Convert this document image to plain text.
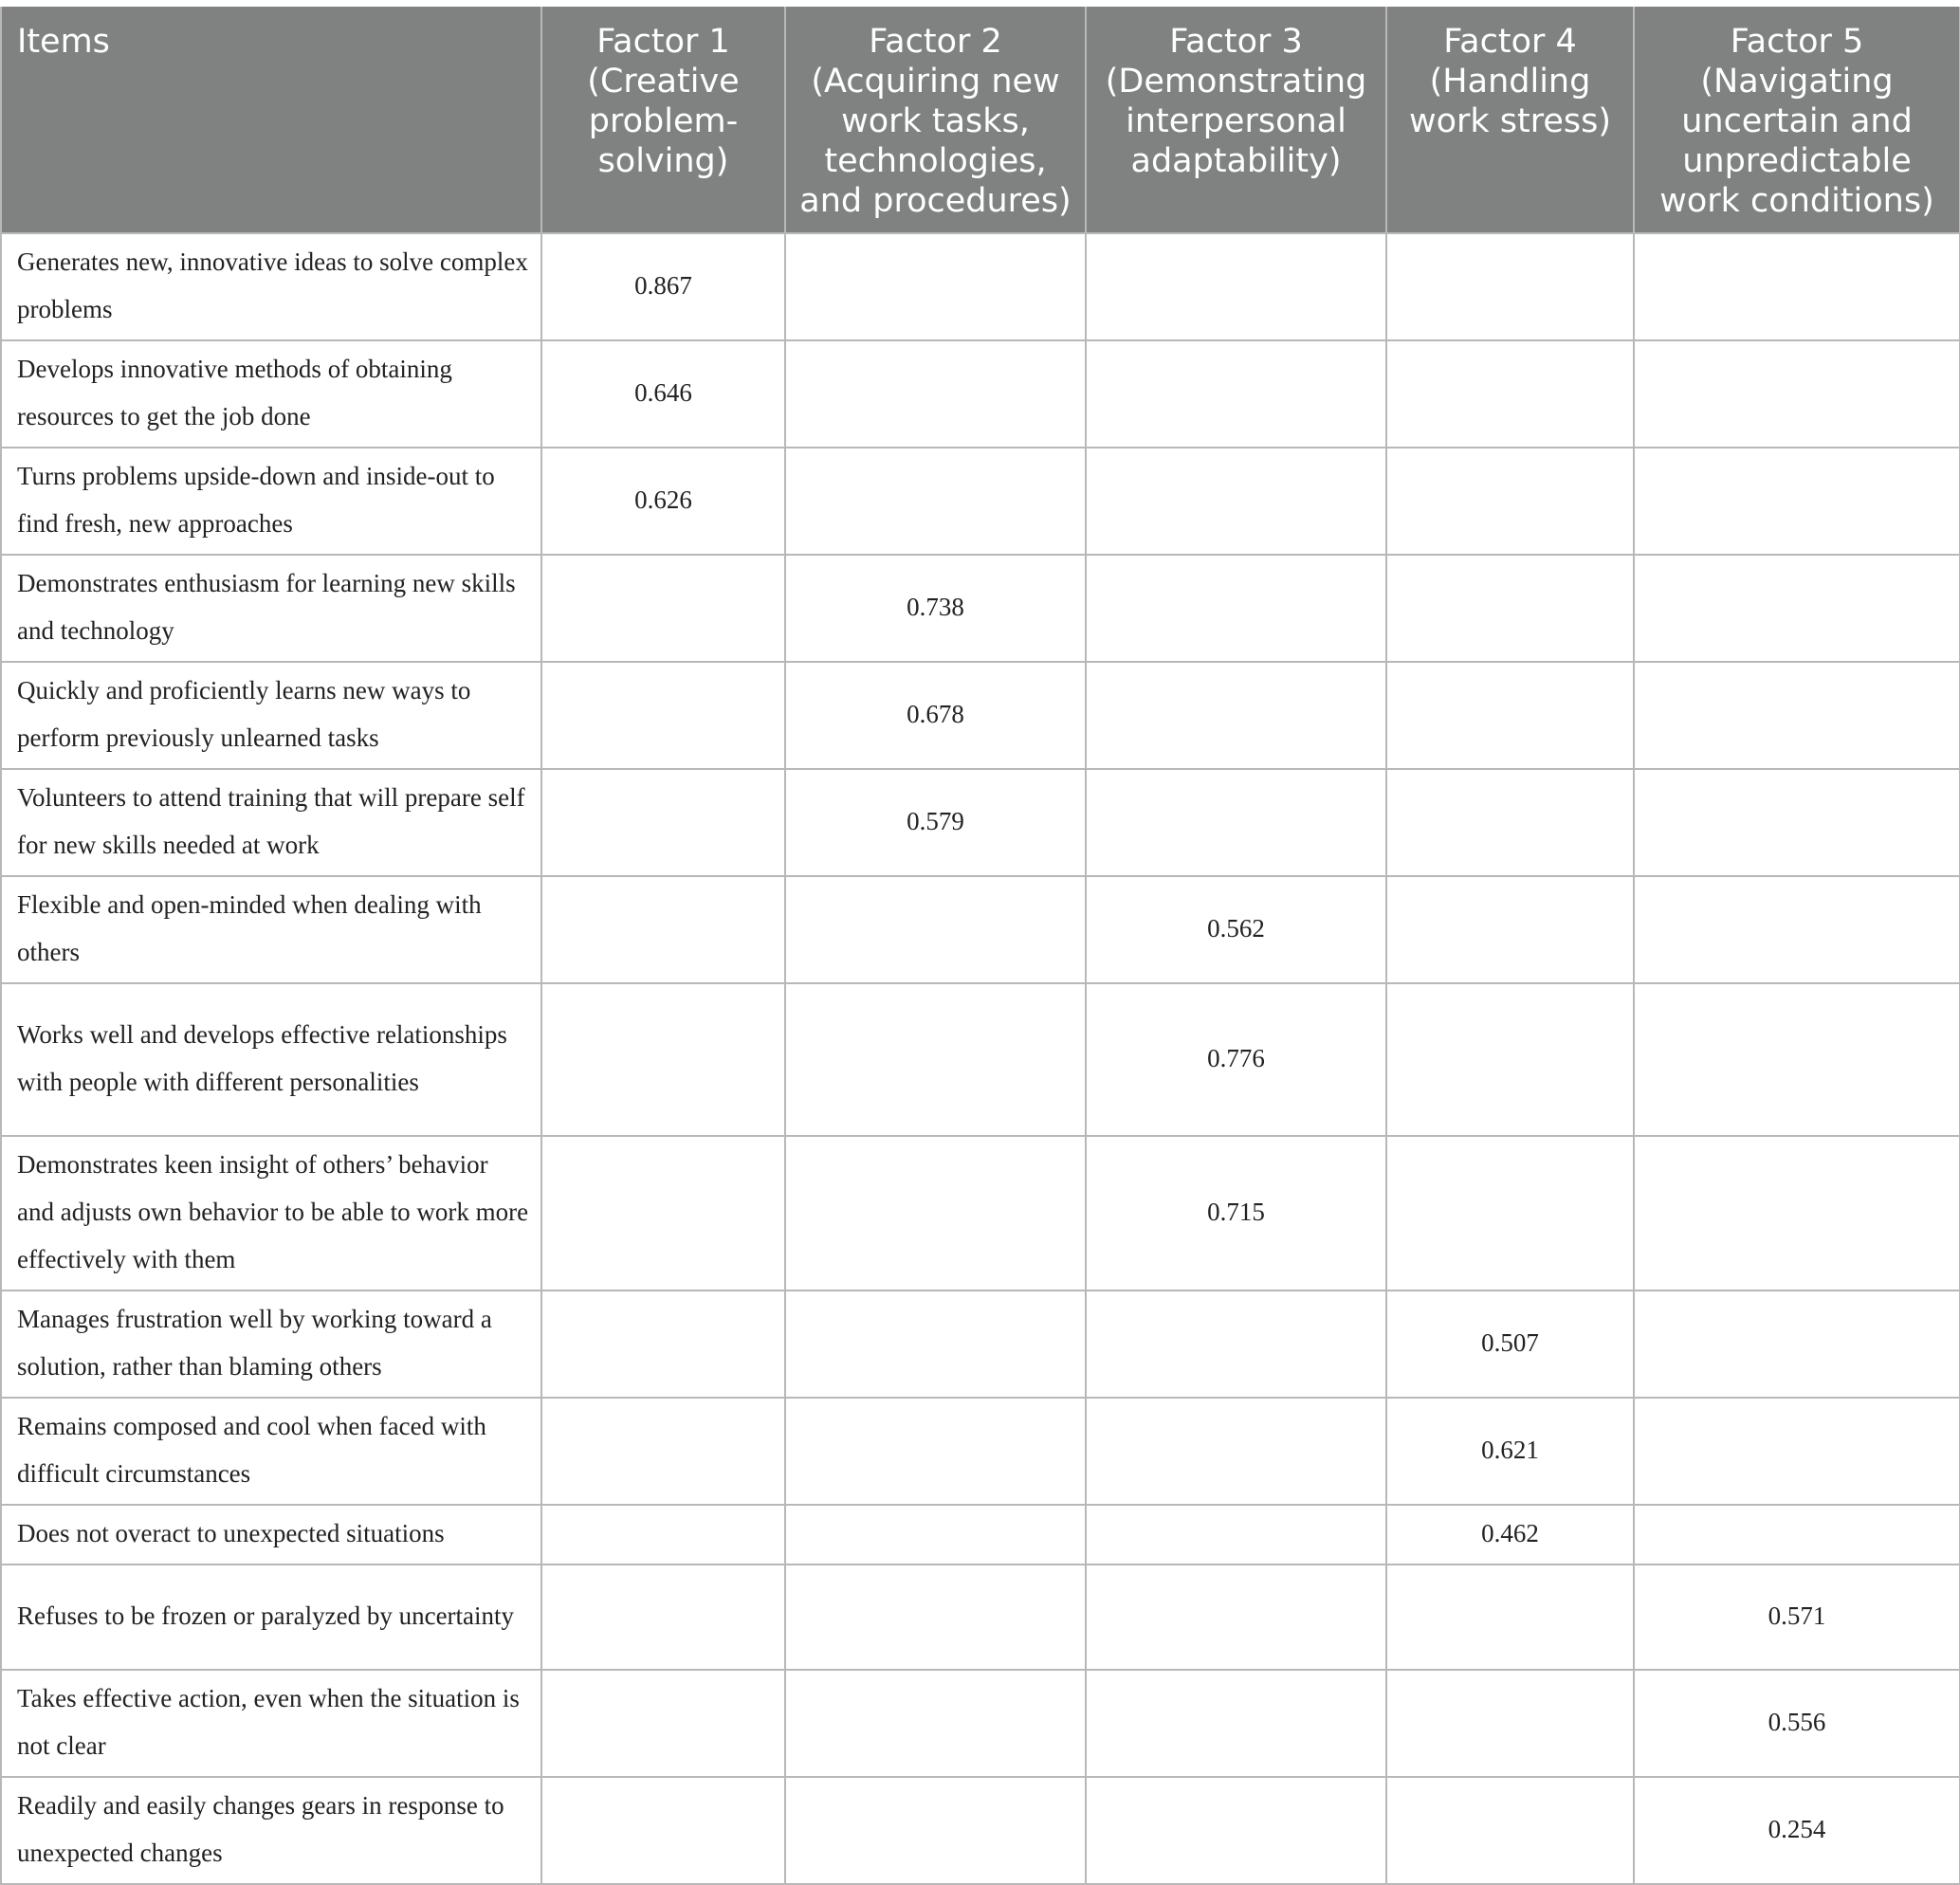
Items	Factor 1 (Creative problem-solving)	Factor 2 (Acquiring new work tasks, technologies, and procedures)	Factor 3 (Demonstrating interpersonal adaptability)	Factor 4 (Handling work stress)	Factor 5 (Navigating uncertain and unpredictable work conditions)
Generates new, innovative ideas to solve complex problems	0.867				
Develops innovative methods of obtaining resources to get the job done	0.646				
Turns problems upside-down and inside-out to find fresh, new approaches	0.626				
Demonstrates enthusiasm for learning new skills and technology		0.738			
Quickly and proficiently learns new ways to perform previously unlearned tasks		0.678			
Volunteers to attend training that will prepare self for new skills needed at work		0.579			
Flexible and open-minded when dealing with others			0.562		
Works well and develops effective relationships with people with different personalities			0.776		
Demonstrates keen insight of others’ behavior and adjusts own behavior to be able to work more effectively with them			0.715		
Manages frustration well by working toward a solution, rather than blaming others				0.507	
Remains composed and cool when faced with difficult circumstances				0.621	
Does not overact to unexpected situations				0.462	
Refuses to be frozen or paralyzed by uncertainty					0.571
Takes effective action, even when the situation is not clear					0.556
Readily and easily changes gears in response to unexpected changes					0.254
